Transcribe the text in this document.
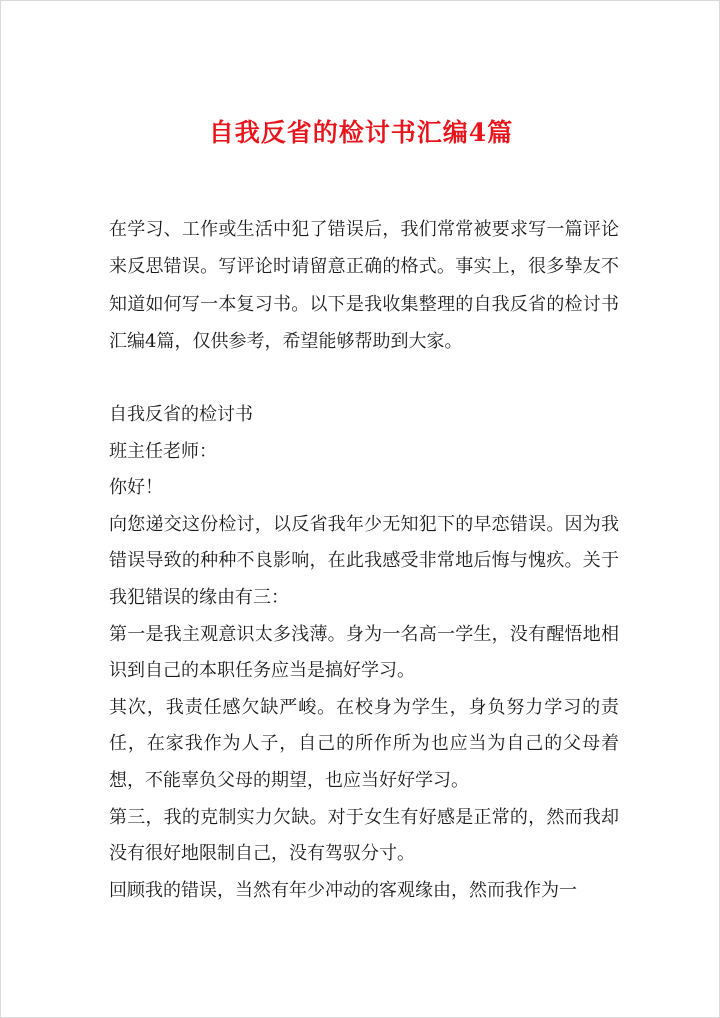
自我反省的检讨书汇编4篇

在学习、工作或生活中犯了错误后，我们常常被要求写一篇评论来反思错误。写评论时请留意正确的格式。事实上，很多挚友不知道如何写一本复习书。以下是我收集整理的自我反省的检讨书汇编4篇，仅供参考，希望能够帮助到大家。

自我反省的检讨书

班主任老师：

你好！

向您递交这份检讨，以反省我年少无知犯下的早恋错误。因为我错误导致的种种不良影响，在此我感受非常地后悔与愧疚。关于我犯错误的缘由有三：

第一是我主观意识太多浅薄。身为一名高一学生，没有醒悟地相识到自己的本职任务应当是搞好学习。

其次，我责任感欠缺严峻。在校身为学生，身负努力学习的责任，在家我作为人子，自己的所作所为也应当为自己的父母着想，不能辜负父母的期望，也应当好好学习。

第三，我的克制实力欠缺。对于女生有好感是正常的，然而我却没有很好地限制自己，没有驾驭分寸。

回顾我的错误，当然有年少冲动的客观缘由，然而我作为一
